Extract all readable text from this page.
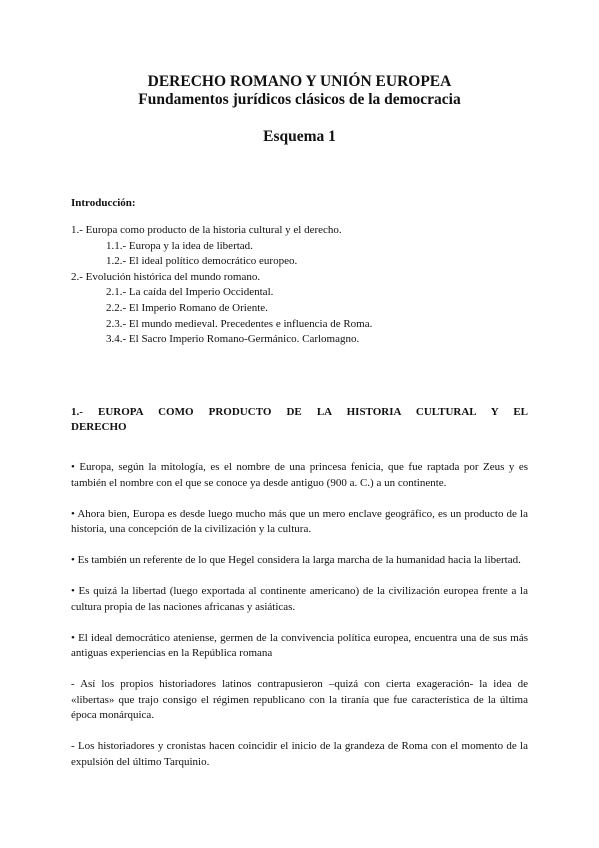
DERECHO ROMANO Y UNIÓN EUROPEA
Fundamentos jurídicos clásicos de la democracia
Esquema 1
Introducción:
1.- Europa como producto de la historia cultural y el derecho.
1.1.- Europa y la idea de libertad.
1.2.- El ideal político democrático europeo.
2.- Evolución histórica del mundo romano.
2.1.- La caída del Imperio Occidental.
2.2.- El Imperio Romano de Oriente.
2.3.- El mundo medieval. Precedentes e influencia de Roma.
3.4.- El Sacro Imperio Romano-Germánico. Carlomagno.
1.- EUROPA COMO PRODUCTO DE LA HISTORIA CULTURAL Y EL
DERECHO

• Europa, según la mitología, es el nombre de una princesa fenicia, que fue raptada por Zeus y es también el nombre con el que se conoce ya desde antiguo (900 a. C.) a un continente.

• Ahora bien, Europa es desde luego mucho más que un mero enclave geográfico, es un producto de la historia, una concepción de la civilización y la cultura.

• Es también un referente de lo que Hegel considera la larga marcha de la humanidad hacia la libertad.

• Es quizá la libertad (luego exportada al continente americano) de la civilización europea frente a la cultura propia de las naciones africanas y asiáticas.

• El ideal democrático ateniense, germen de la convivencia política europea, encuentra una de sus más antiguas experiencias en la República romana

- Así los propios historiadores latinos contrapusieron –quizá con cierta exageración- la idea de «libertas» que trajo consigo el régimen republicano con la tiranía que fue característica de la última época monárquica.

- Los historiadores y cronistas hacen coincidir el inicio de la grandeza de Roma con el momento de la expulsión del último Tarquinio.
